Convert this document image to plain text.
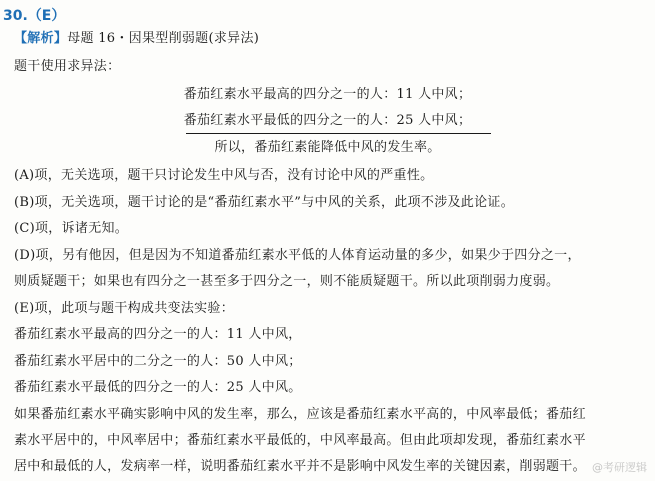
30.（E）
【解析】母题 16・因果型削弱题(求异法)
题干使用求异法：
番茄红素水平最高的四分之一的人：11 人中风；
番茄红素水平最低的四分之一的人：25 人中风；
所以，番茄红素能降低中风的发生率。
(A)项，无关选项，题干只讨论发生中风与否，没有讨论中风的严重性。
(B)项，无关选项，题干讨论的是“番茄红素水平”与中风的关系，此项不涉及此论证。
(C)项，诉诸无知。
(D)项，另有他因，但是因为不知道番茄红素水平低的人体育运动量的多少，如果少于四分之一，
则质疑题干；如果也有四分之一甚至多于四分之一，则不能质疑题干。所以此项削弱力度弱。
(E)项，此项与题干构成共变法实验：
番茄红素水平最高的四分之一的人：11 人中风，
番茄红素水平居中的二分之一的人：50 人中风；
番茄红素水平最低的四分之一的人：25 人中风。
如果番茄红素水平确实影响中风的发生率，那么，应该是番茄红素水平高的，中风率最低；番茄红
素水平居中的，中风率居中；番茄红素水平最低的，中风率最高。但由此项却发现，番茄红素水平
居中和最低的人，发病率一样，说明番茄红素水平并不是影响中风发生率的关键因素，削弱题干。 @考研逻辑
